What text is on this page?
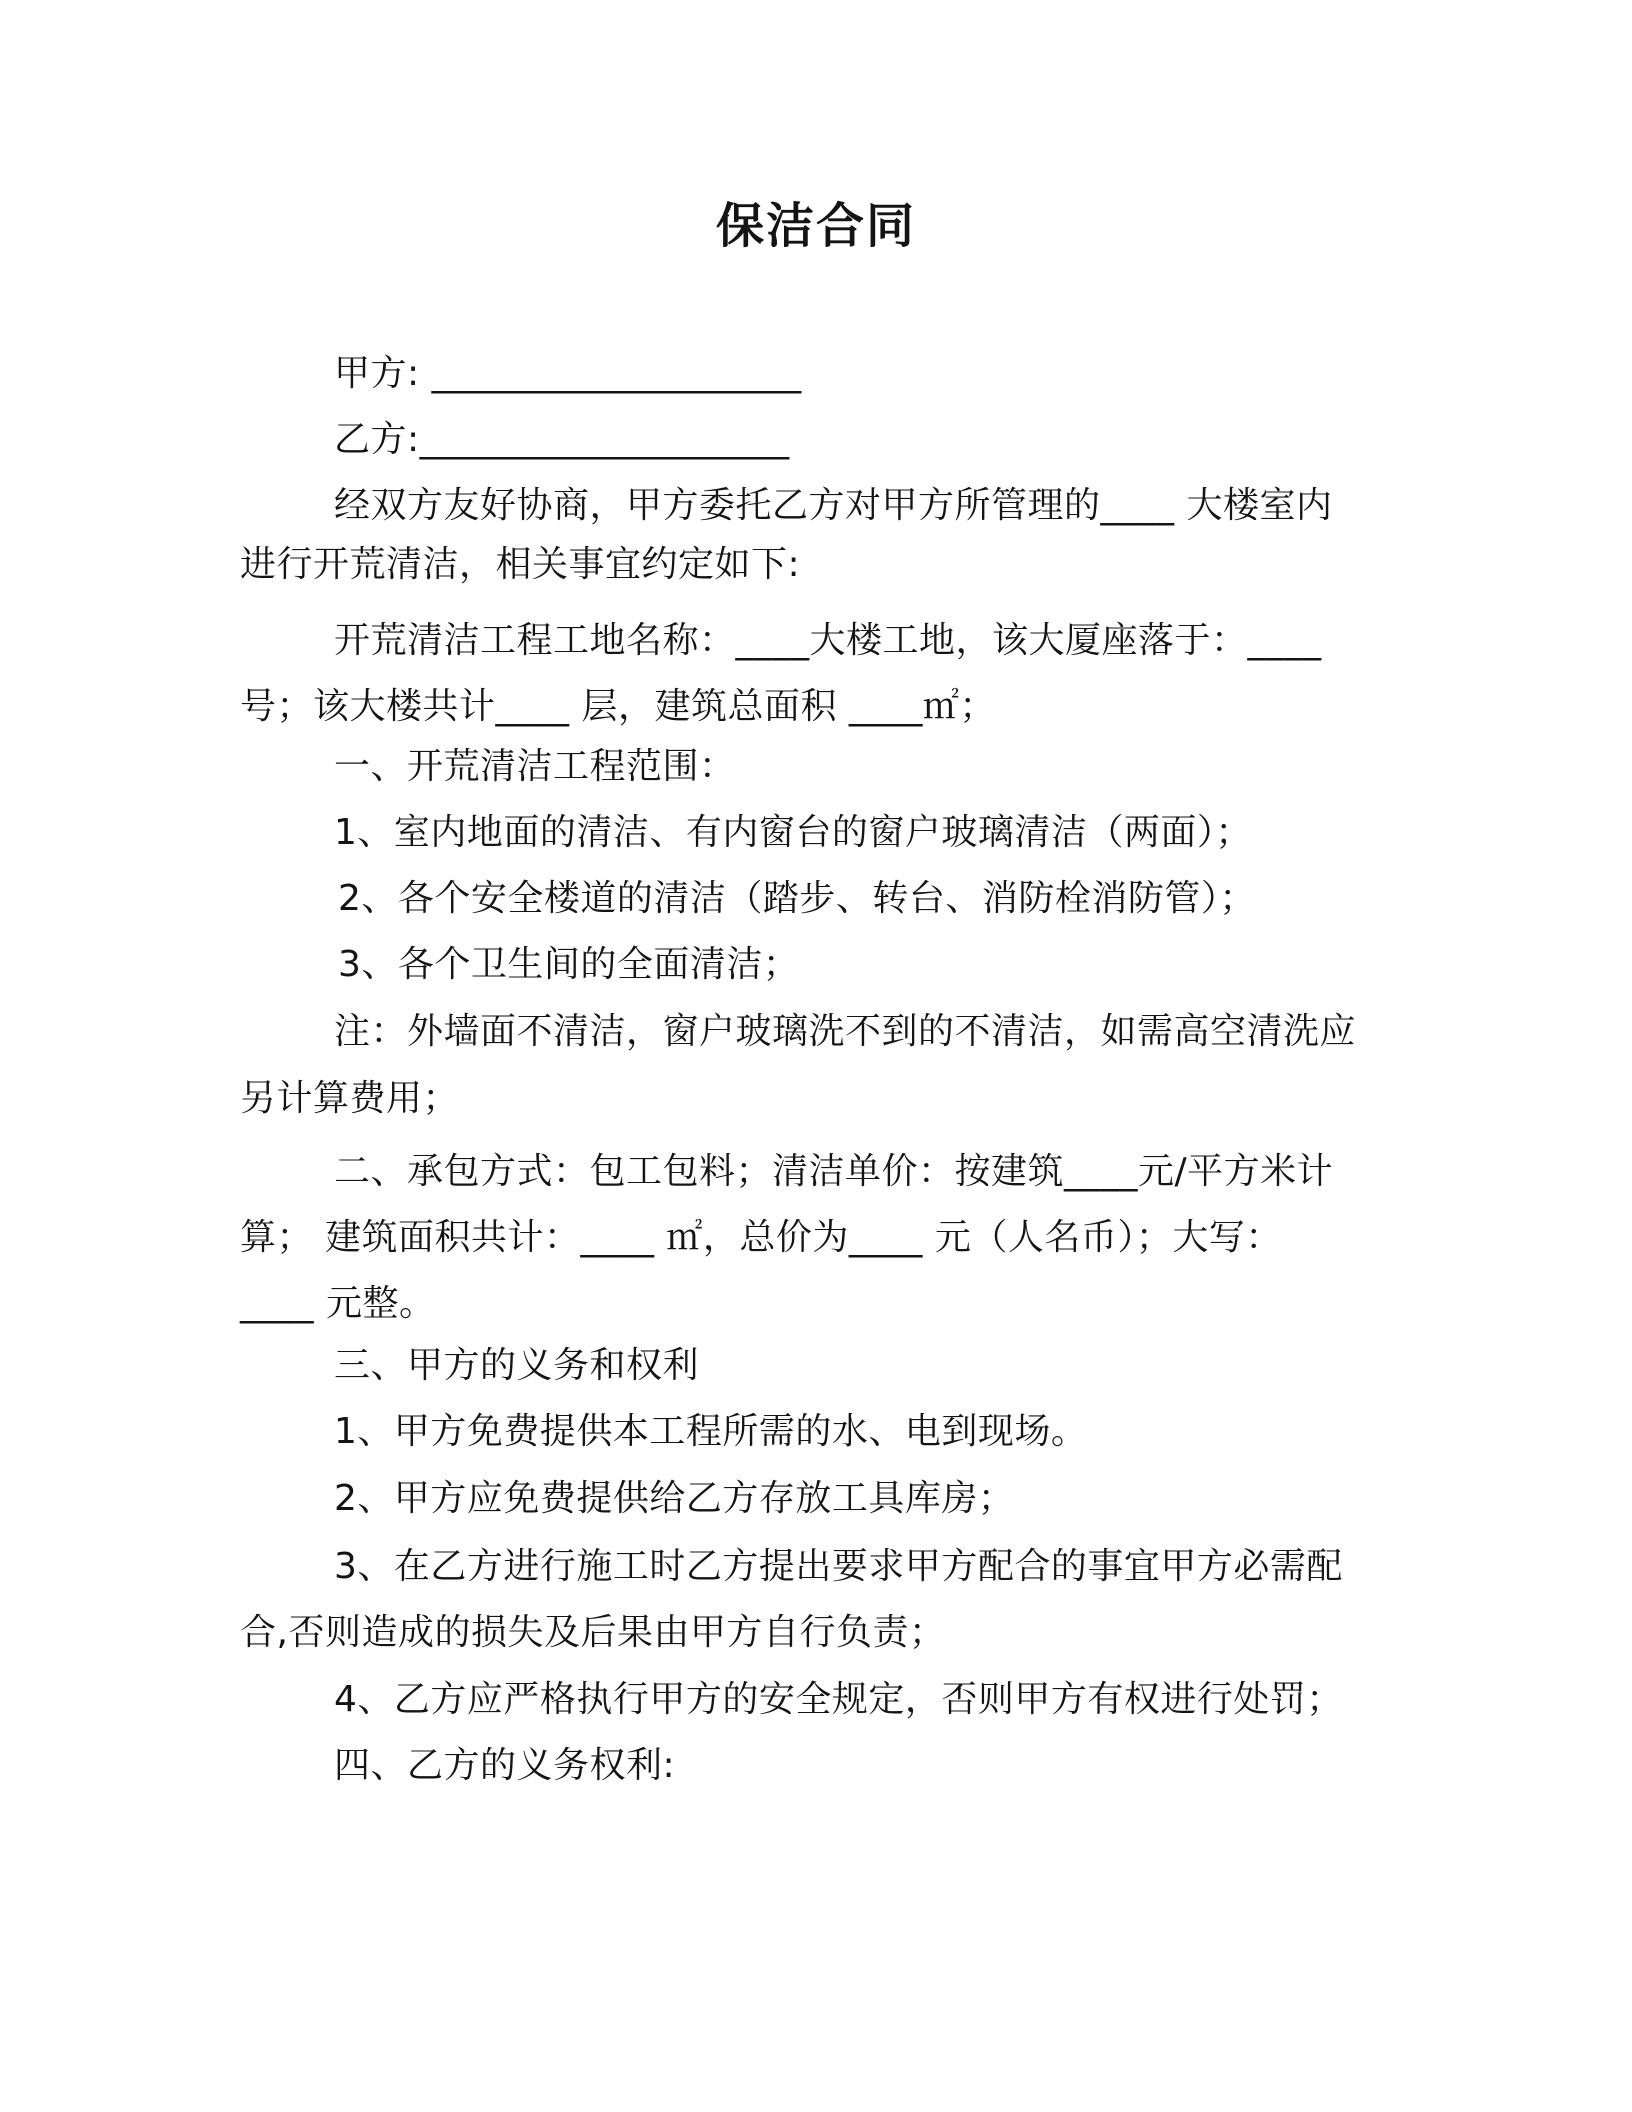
保洁合同
甲方: ____________________
乙方:____________________
经双方友好协商，甲方委托乙方对甲方所管理的____ 大楼室内
进行开荒清洁，相关事宜约定如下:
开荒清洁工程工地名称：____大楼工地，该大厦座落于：____
号；该大楼共计____ 层，建筑总面积 ____㎡；
一、开荒清洁工程范围：
1、室内地面的清洁、有内窗台的窗户玻璃清洁（两面）；
2、各个安全楼道的清洁（踏步、转台、消防栓消防管）；
3、各个卫生间的全面清洁；
注：外墙面不清洁，窗户玻璃洗不到的不清洁，如需高空清洗应
另计算费用；
二、承包方式：包工包料；清洁单价：按建筑____元/平方米计
算； 建筑面积共计：____ ㎡，总价为____ 元（人名币）；大写：
____ 元整。
三、甲方的义务和权利
1、甲方免费提供本工程所需的水、电到现场。
2、甲方应免费提供给乙方存放工具库房；
3、在乙方进行施工时乙方提出要求甲方配合的事宜甲方必需配
合,否则造成的损失及后果由甲方自行负责；
4、乙方应严格执行甲方的安全规定，否则甲方有权进行处罚；
四、乙方的义务权利:
